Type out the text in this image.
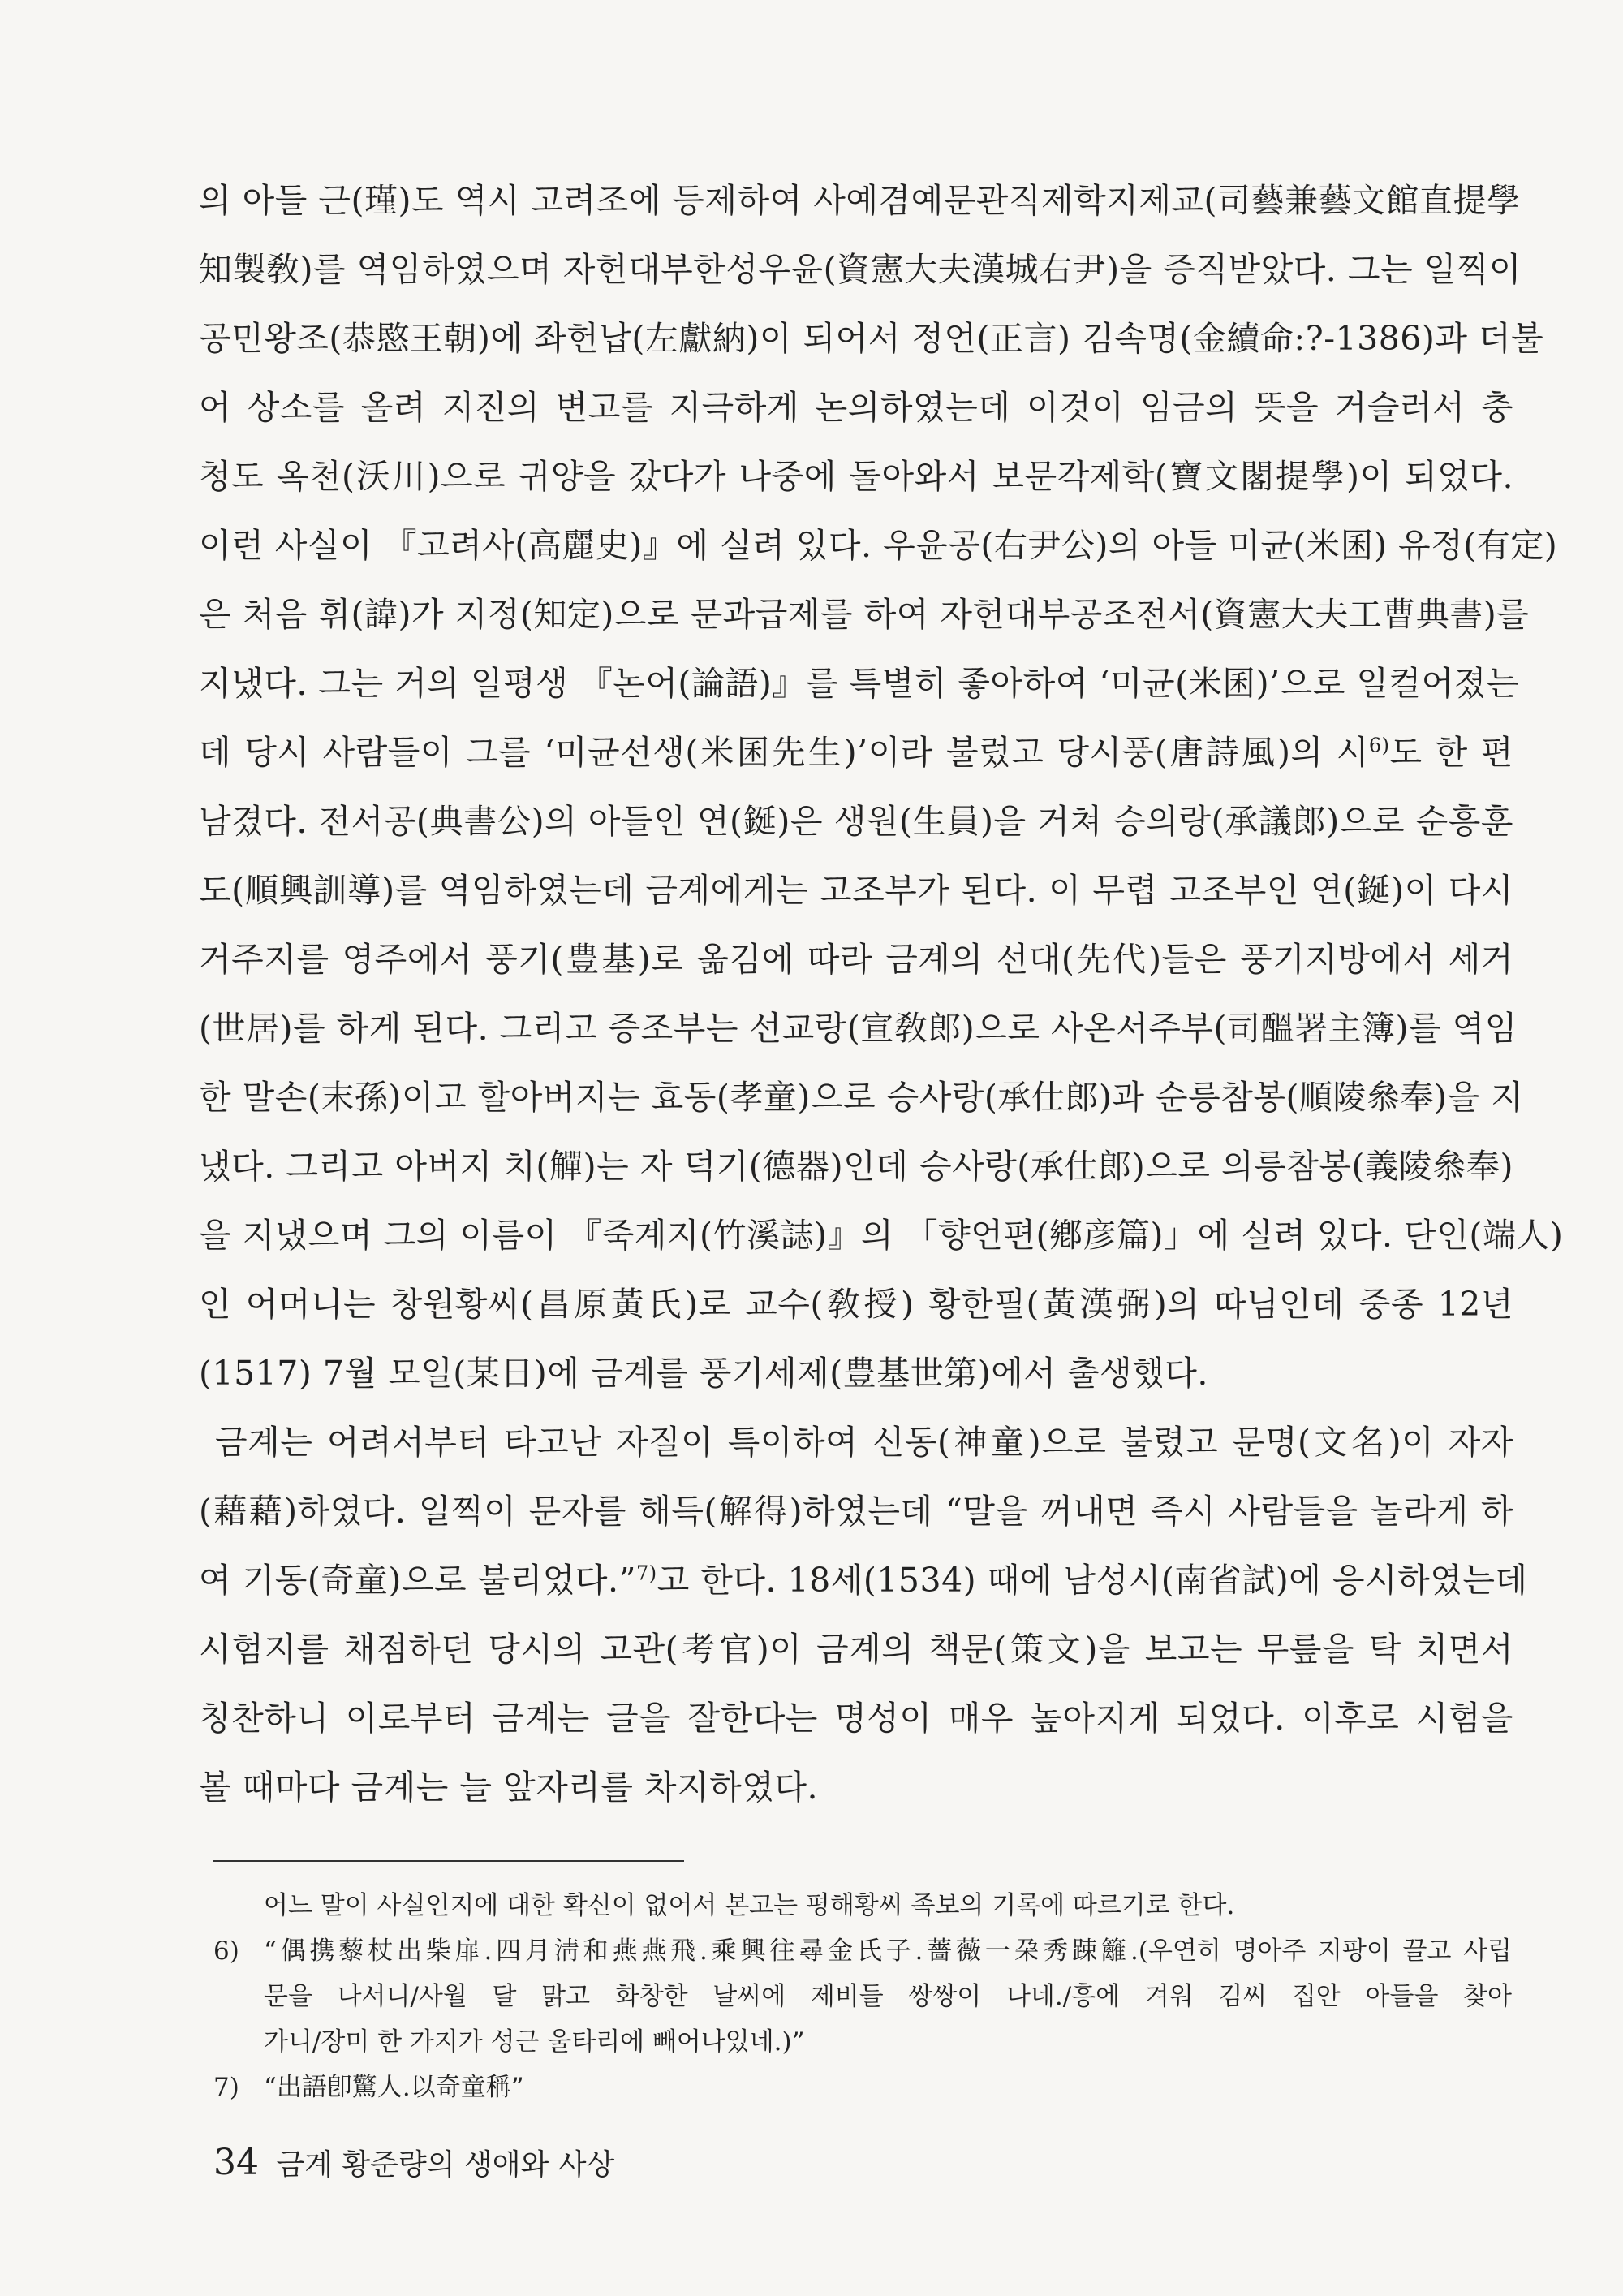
의 아들 근(瑾)도 역시 고려조에 등제하여 사예겸예문관직제학지제교(司藝兼藝文館直提學
知製敎)를 역임하였으며 자헌대부한성우윤(資憲大夫漢城右尹)을 증직받았다. 그는 일찍이
공민왕조(恭愍王朝)에 좌헌납(左獻納)이 되어서 정언(正言) 김속명(金續命:?-1386)과 더불
어 상소를 올려 지진의 변고를 지극하게 논의하였는데 이것이 임금의 뜻을 거슬러서 충
청도 옥천(沃川)으로 귀양을 갔다가 나중에 돌아와서 보문각제학(寶文閣提學)이 되었다.
이런 사실이 『고려사(高麗史)』에 실려 있다. 우윤공(右尹公)의 아들 미균(米囷) 유정(有定)
은 처음 휘(諱)가 지정(知定)으로 문과급제를 하여 자헌대부공조전서(資憲大夫工曹典書)를
지냈다. 그는 거의 일평생 『논어(論語)』를 특별히 좋아하여 ‘미균(米囷)’으로 일컬어졌는
데 당시 사람들이 그를 ‘미균선생(米囷先生)’이라 불렀고 당시풍(唐詩風)의 시$^{6)}$도 한 편
남겼다. 전서공(典書公)의 아들인 연(鋋)은 생원(生員)을 거쳐 승의랑(承議郎)으로 순흥훈
도(順興訓導)를 역임하였는데 금계에게는 고조부가 된다. 이 무렵 고조부인 연(鋋)이 다시
거주지를 영주에서 풍기(豊基)로 옮김에 따라 금계의 선대(先代)들은 풍기지방에서 세거
(世居)를 하게 된다. 그리고 증조부는 선교랑(宣敎郎)으로 사온서주부(司醞署主簿)를 역임
한 말손(末孫)이고 할아버지는 효동(孝童)으로 승사랑(承仕郎)과 순릉참봉(順陵叅奉)을 지
냈다. 그리고 아버지 치(觶)는 자 덕기(德器)인데 승사랑(承仕郎)으로 의릉참봉(義陵叅奉)
을 지냈으며 그의 이름이 『죽계지(竹溪誌)』의 「향언편(鄕彦篇)」에 실려 있다. 단인(端人)
인 어머니는 창원황씨(昌原黃氏)로 교수(敎授) 황한필(黃漢弼)의 따님인데 중종 12년
(1517) 7월 모일(某日)에 금계를 풍기세제(豊基世第)에서 출생했다.
금계는 어려서부터 타고난 자질이 특이하여 신동(神童)으로 불렸고 문명(文名)이 자자
(藉藉)하였다. 일찍이 문자를 해득(解得)하였는데 “말을 꺼내면 즉시 사람들을 놀라게 하
여 기동(奇童)으로 불리었다.”$^{7)}$고 한다. 18세(1534) 때에 남성시(南省試)에 응시하였는데
시험지를 채점하던 당시의 고관(考官)이 금계의 책문(策文)을 보고는 무릎을 탁 치면서
칭찬하니 이로부터 금계는 글을 잘한다는 명성이 매우 높아지게 되었다. 이후로 시험을
볼 때마다 금계는 늘 앞자리를 차지하였다.
어느 말이 사실인지에 대한 확신이 없어서 본고는 평해황씨 족보의 기록에 따르기로 한다.
6) “偶携藜杖出柴扉.四月淸和燕燕飛.乘興往尋金氏子.薔薇一朶秀踈籬.(우연히 명아주 지팡이 끌고 사립
문을 나서니/사월 달 맑고 화창한 날씨에 제비들 쌍쌍이 나네./흥에 겨워 김씨 집안 아들을 찾아
가니/장미 한 가지가 성근 울타리에 빼어나있네.)”
7) “出語卽驚人.以奇童稱”
34 금계 황준량의 생애와 사상
